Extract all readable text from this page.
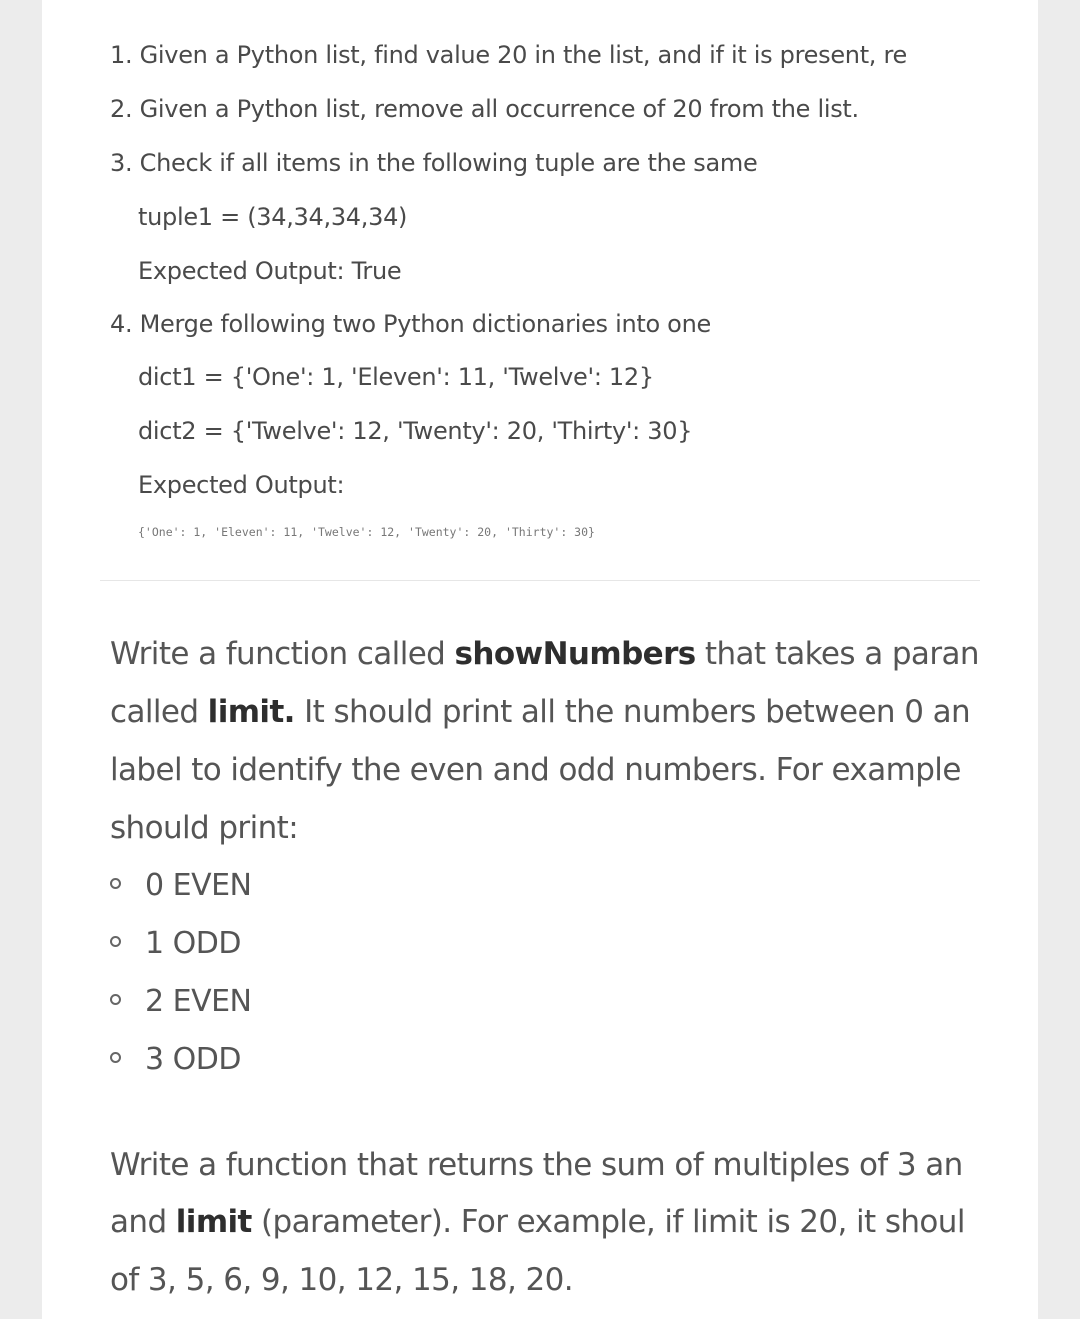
1. Given a Python list, find value 20 in the list, and if it is present, re
2. Given a Python list, remove all occurrence of 20 from the list.
3. Check if all items in the following tuple are the same
tuple1 = (34,34,34,34)
Expected Output: True
4. Merge following two Python dictionaries into one
dict1 = {'One': 1, 'Eleven': 11, 'Twelve': 12}
dict2 = {'Twelve': 12, 'Twenty': 20, 'Thirty': 30}
Expected Output:
{'One': 1, 'Eleven': 11, 'Twelve': 12, 'Twenty': 20, 'Thirty': 30}
Write a function called showNumbers that takes a paran
called limit. It should print all the numbers between 0 an
label to identify the even and odd numbers. For example
should print:
0 EVEN
1 ODD
2 EVEN
3 ODD
Write a function that returns the sum of multiples of 3 an
and limit (parameter). For example, if limit is 20, it shoul
of 3, 5, 6, 9, 10, 12, 15, 18, 20.
